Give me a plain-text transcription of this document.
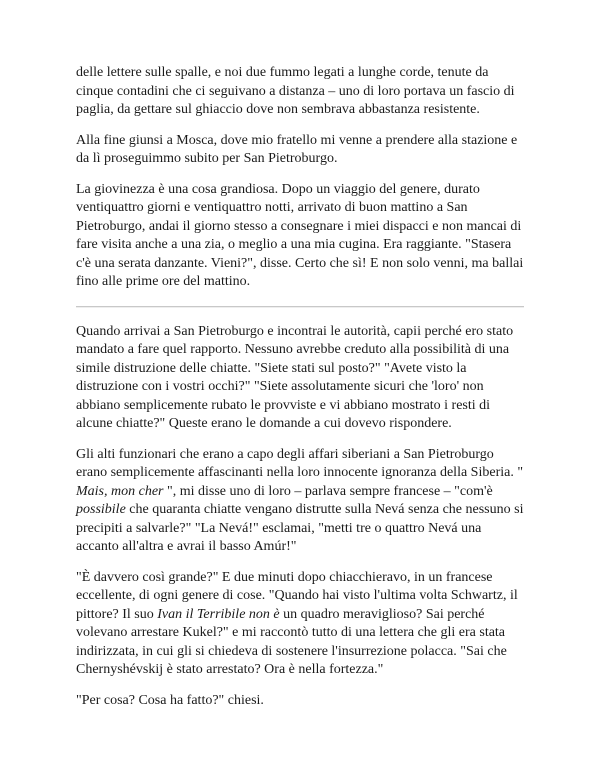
delle lettere sulle spalle, e noi due fummo legati a lunghe corde, tenute da cinque contadini che ci seguivano a distanza – uno di loro portava un fascio di paglia, da gettare sul ghiaccio dove non sembrava abbastanza resistente.

Alla fine giunsi a Mosca, dove mio fratello mi venne a prendere alla stazione e da lì proseguimmo subito per San Pietroburgo.

La giovinezza è una cosa grandiosa. Dopo un viaggio del genere, durato ventiquattro giorni e ventiquattro notti, arrivato di buon mattino a San Pietroburgo, andai il giorno stesso a consegnare i miei dispacci e non mancai di fare visita anche a una zia, o meglio a una mia cugina. Era raggiante. "Stasera c'è una serata danzante. Vieni?", disse. Certo che sì! E non solo venni, ma ballai fino alle prime ore del mattino.

Quando arrivai a San Pietroburgo e incontrai le autorità, capii perché ero stato mandato a fare quel rapporto. Nessuno avrebbe creduto alla possibilità di una simile distruzione delle chiatte. "Siete stati sul posto?" "Avete visto la distruzione con i vostri occhi?" "Siete assolutamente sicuri che 'loro' non abbiano semplicemente rubato le provviste e vi abbiano mostrato i resti di alcune chiatte?" Queste erano le domande a cui dovevo rispondere.

Gli alti funzionari che erano a capo degli affari siberiani a San Pietroburgo erano semplicemente affascinanti nella loro innocente ignoranza della Siberia. " Mais, mon cher ", mi disse uno di loro – parlava sempre francese – "com'è possibile che quaranta chiatte vengano distrutte sulla Nevá senza che nessuno si precipiti a salvarle?" "La Nevá!" esclamai, "metti tre o quattro Nevá una accanto all'altra e avrai il basso Amúr!"

"È davvero così grande?" E due minuti dopo chiacchieravo, in un francese eccellente, di ogni genere di cose. "Quando hai visto l'ultima volta Schwartz, il pittore? Il suo Ivan il Terribile non è un quadro meraviglioso? Sai perché volevano arrestare Kukel?" e mi raccontò tutto di una lettera che gli era stata indirizzata, in cui gli si chiedeva di sostenere l'insurrezione polacca. "Sai che Chernyshévskij è stato arrestato? Ora è nella fortezza."

"Per cosa? Cosa ha fatto?" chiesi.
